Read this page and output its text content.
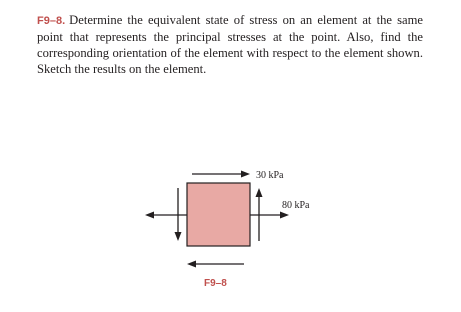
F9–8. Determine the equivalent state of stress on an element at the same point that represents the principal stresses at the point. Also, find the corresponding orientation of the element with respect to the element shown. Sketch the results on the element.

30 kPa
80 kPa
F9–8
